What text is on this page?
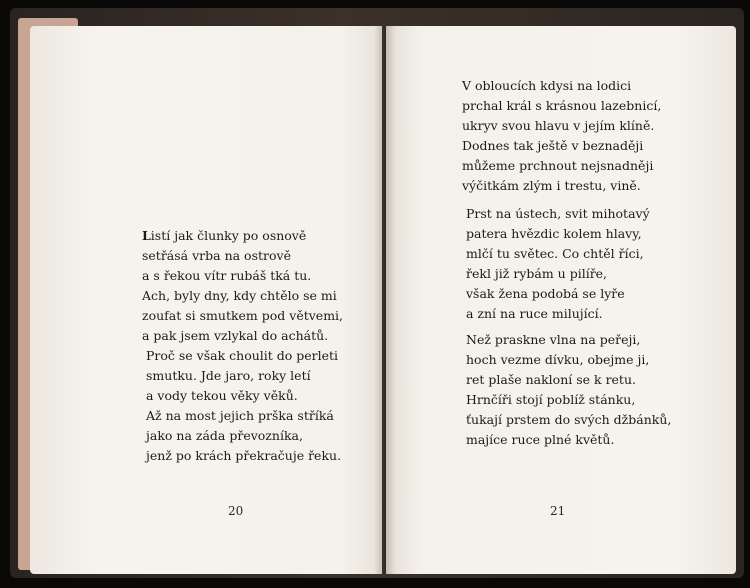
Listí jak člunky po osnově
setřásá vrba na ostrově
a s řekou vítr rubáš tká tu.
Ach, byly dny, kdy chtělo se mi
zoufat si smutkem pod větvemi,
a pak jsem vzlykal do achátů.
Proč se však choulit do perleti
smutku. Jde jaro, roky letí
a vody tekou věky věků.
Až na most jejich prška stříká
jako na záda převozníka,
jenž po krách překračuje řeku.
20
V obloucích kdysi na lodici
prchal král s krásnou lazebnicí,
ukryv svou hlavu v jejím klíně.
Dodnes tak ještě v beznaději
můžeme prchnout nejsnadněji
výčitkám zlým i trestu, vině.
Prst na ústech, svit mihotavý
patera hvězdic kolem hlavy,
mlčí tu světec. Co chtěl říci,
řekl již rybám u pilíře,
však žena podobá se lyře
a zní na ruce milující.
Než praskne vlna na peřeji,
hoch vezme dívku, obejme ji,
ret plaše nakloní se k retu.
Hrnčíři stojí poblíž stánku,
ťukají prstem do svých džbánků,
majíce ruce plné květů.
21
